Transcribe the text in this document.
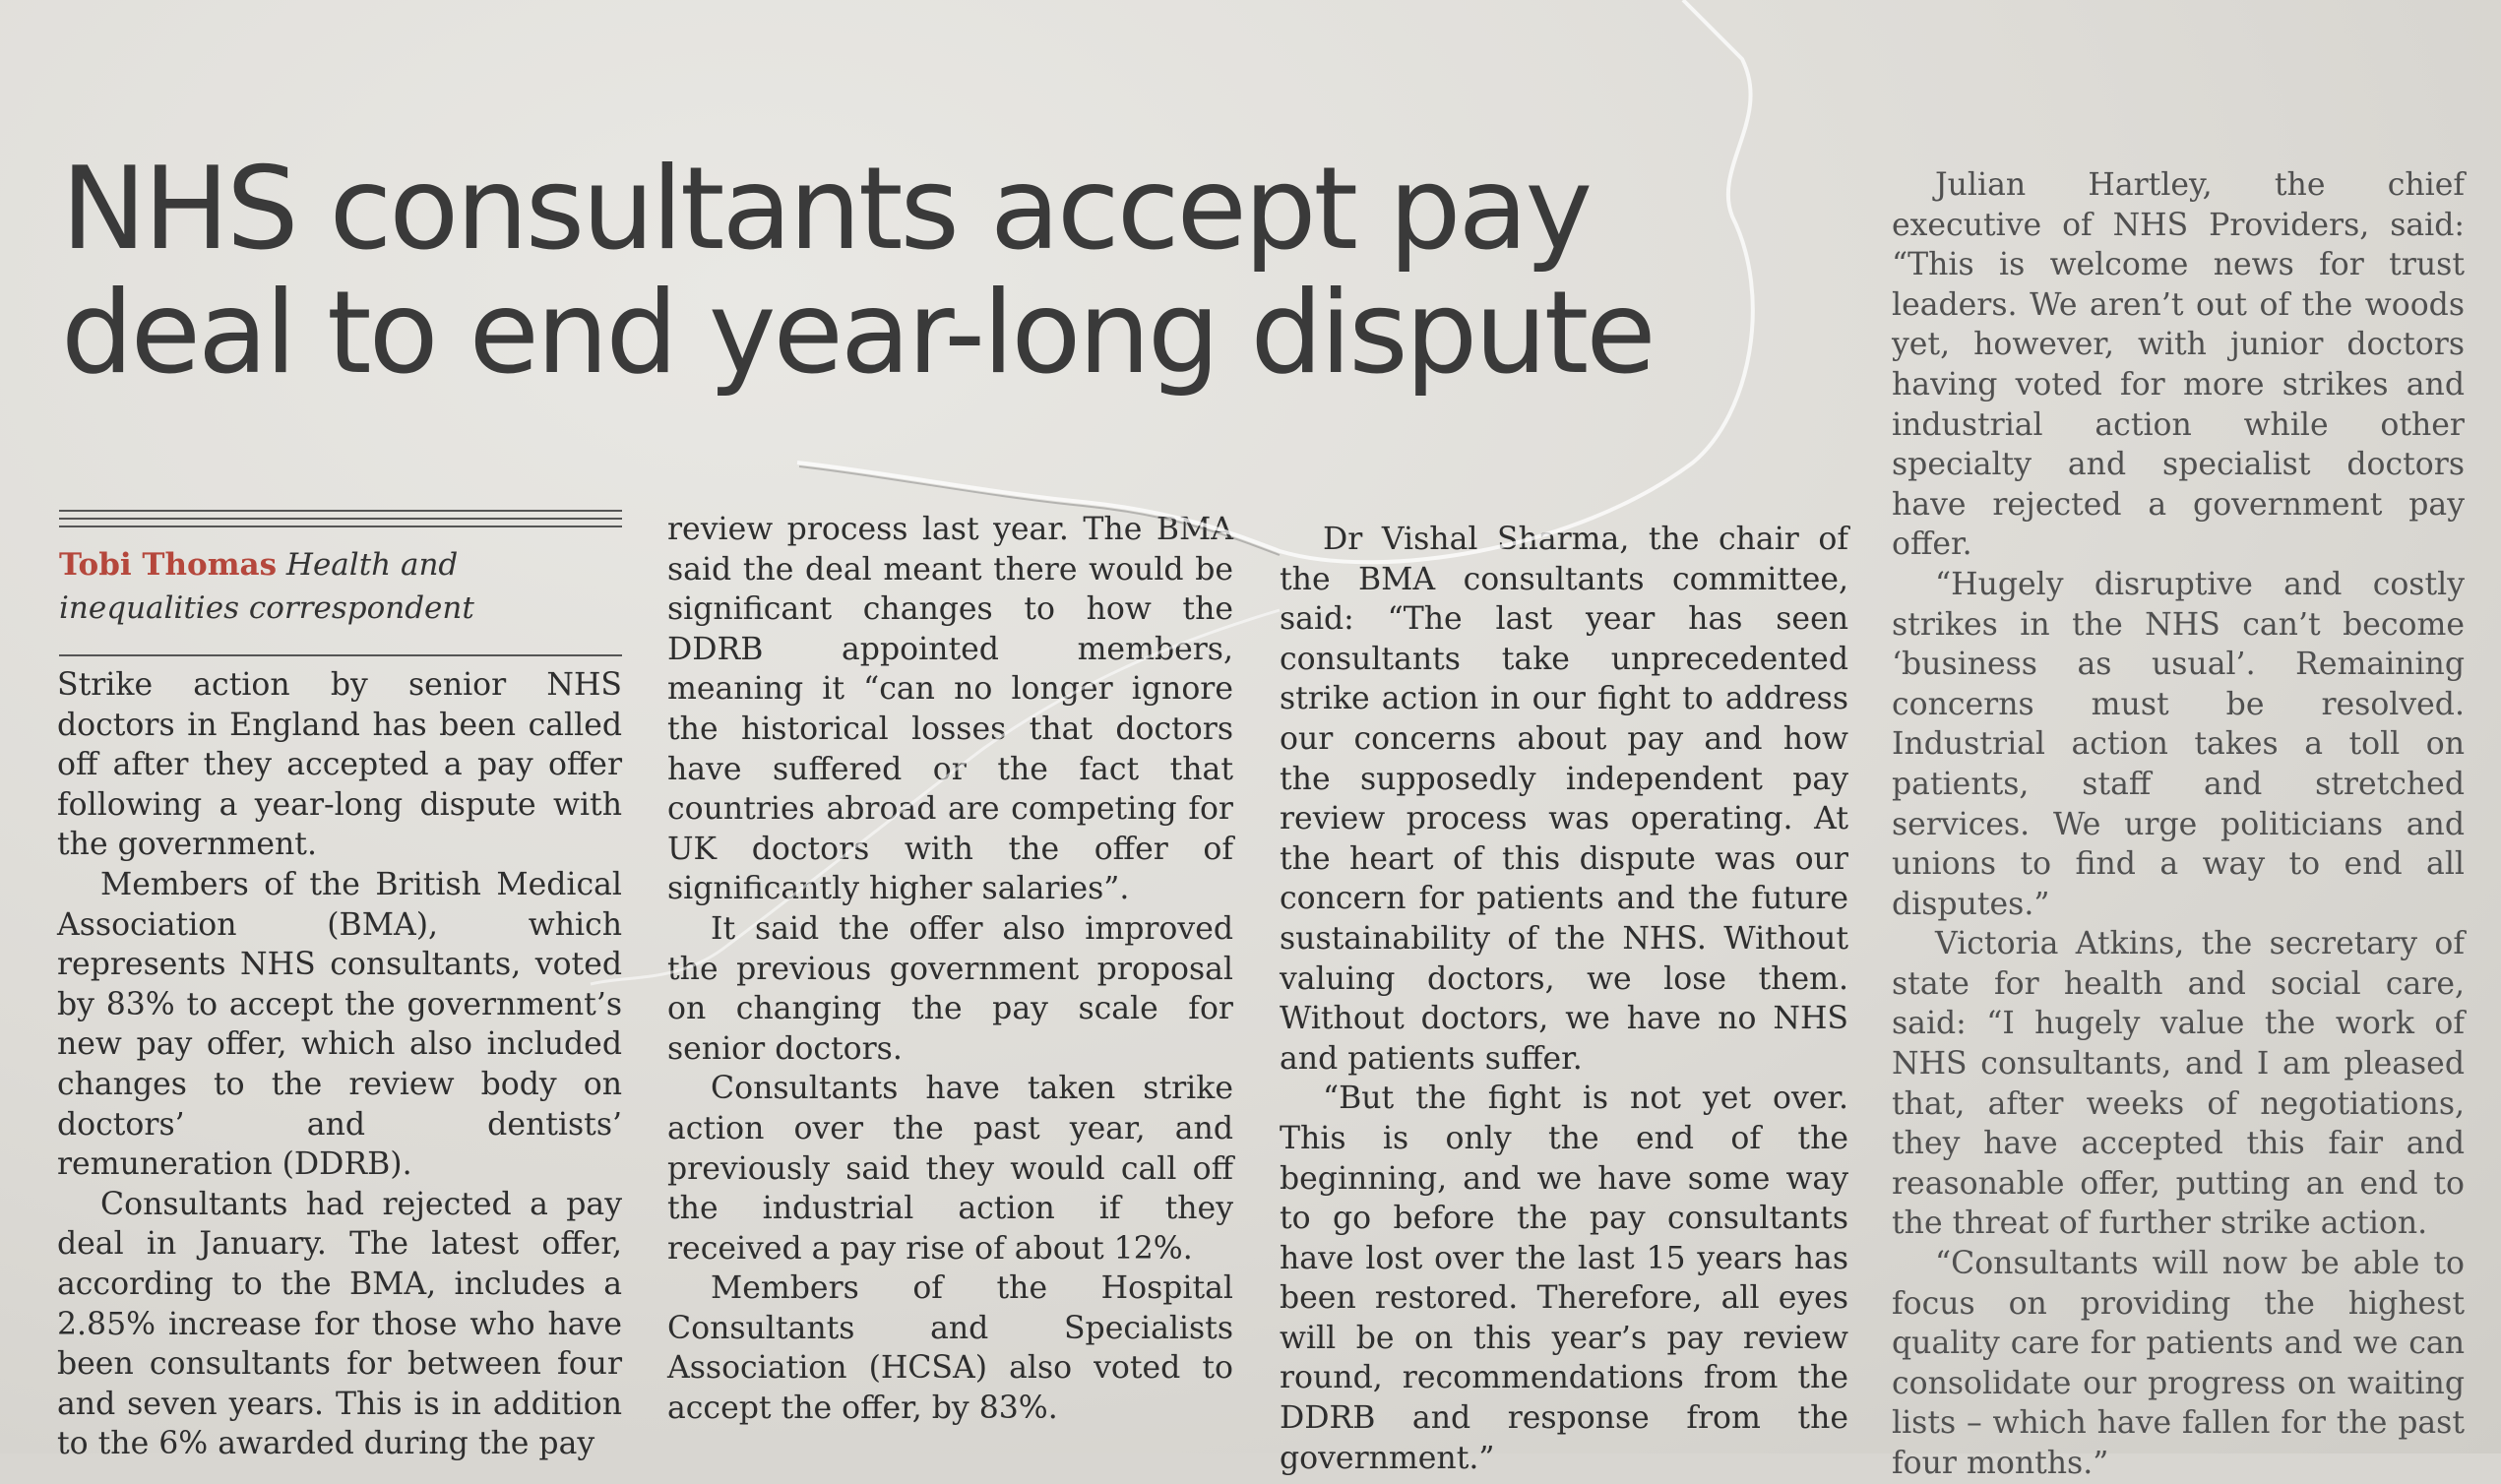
NHS consultants accept pay deal to end year-long dispute
Tobi Thomas Health and inequalities correspondent

Strike action by senior NHS doctors in England has been called off after they accepted a pay offer following a year-long dispute with the government.

Members of the British Medical Association (BMA), which represents NHS consultants, voted by 83% to accept the government’s new pay offer, which also included changes to the review body on doctors’ and dentists’ remuneration (DDRB).

Consultants had rejected a pay deal in January. The latest offer, according to the BMA, includes a 2.85% increase for those who have been consultants for between four and seven years. This is in addition to the 6% awarded during the pay

review process last year. The BMA said the deal meant there would be significant changes to how the DDRB appointed members, meaning it “can no longer ignore the historical losses that doctors have suffered or the fact that countries abroad are competing for UK doctors with the offer of significantly higher salaries”.

It said the offer also improved the previous government proposal on changing the pay scale for senior doctors.

Consultants have taken strike action over the past year, and previously said they would call off the industrial action if they received a pay rise of about 12%.

Members of the Hospital Consultants and Specialists Association (HCSA) also voted to accept the offer, by 83%.

Dr Vishal Sharma, the chair of the BMA consultants committee, said: “The last year has seen consultants take unprecedented strike action in our fight to address our concerns about pay and how the supposedly independent pay review process was operating. At the heart of this dispute was our concern for patients and the future sustainability of the NHS. Without valuing doctors, we lose them. Without doctors, we have no NHS and patients suffer.

“But the fight is not yet over. This is only the end of the beginning, and we have some way to go before the pay consultants have lost over the last 15 years has been restored. Therefore, all eyes will be on this year’s pay review round, recommendations from the DDRB and response from the government.”

Julian Hartley, the chief executive of NHS Providers, said: “This is welcome news for trust leaders. We aren’t out of the woods yet, however, with junior doctors having voted for more strikes and industrial action while other specialty and specialist doctors have rejected a government pay offer.

“Hugely disruptive and costly strikes in the NHS can’t become ‘business as usual’. Remaining concerns must be resolved. Industrial action takes a toll on patients, staff and stretched services. We urge politicians and unions to find a way to end all disputes.”

Victoria Atkins, the secretary of state for health and social care, said: “I hugely value the work of NHS consultants, and I am pleased that, after weeks of negotiations, they have accepted this fair and reasonable offer, putting an end to the threat of further strike action.

“Consultants will now be able to focus on providing the highest quality care for patients and we can consolidate our progress on waiting lists – which have fallen for the past four months.”
